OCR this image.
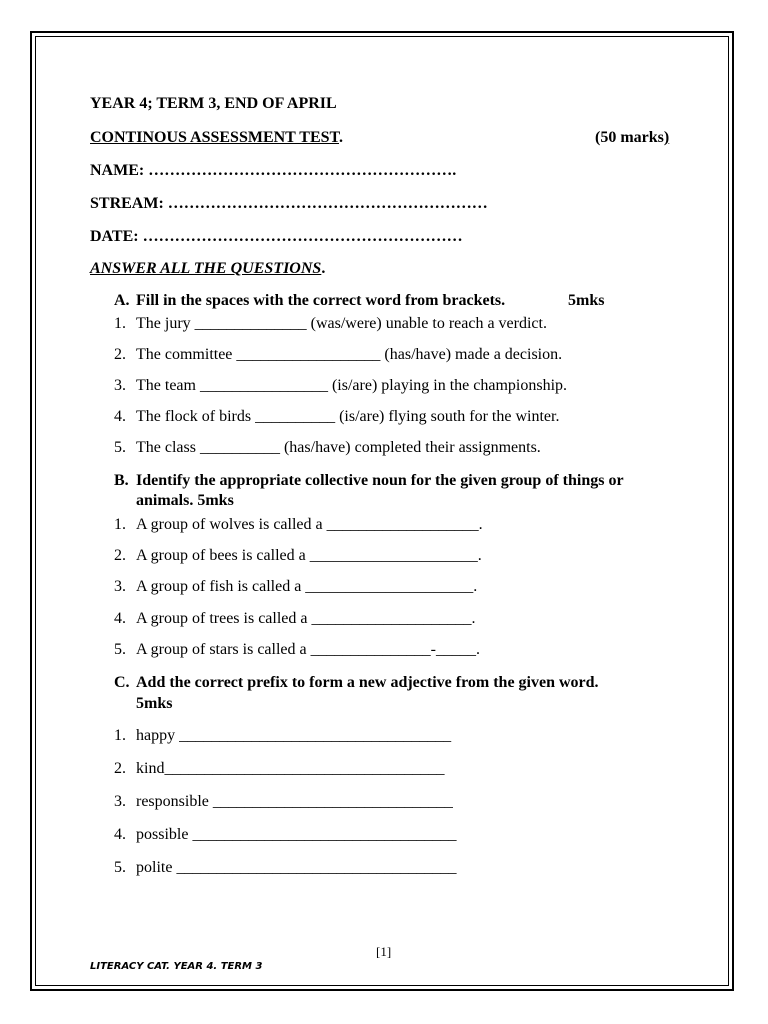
YEAR 4; TERM 3, END OF APRIL
CONTINOUS ASSESSMENT TEST.	(50 marks)
NAME: ………………………………………………….
STREAM: ……………………………………………………
DATE: ……………………………………………………
ANSWER ALL THE QUESTIONS.
A. Fill in the spaces with the correct word from brackets.	5mks
1. The jury ______________ (was/were) unable to reach a verdict.
2. The committee __________________ (has/have) made a decision.
3. The team ________________ (is/are) playing in the championship.
4. The flock of birds __________ (is/are) flying south for the winter.
5. The class __________ (has/have) completed their assignments.
B. Identify the appropriate collective noun for the given group of things or
animals. 5mks
1. A group of wolves is called a ___________________.
2. A group of bees is called a _____________________.
3. A group of fish is called a _____________________.
4. A group of trees is called a ____________________.
5. A group of stars is called a _______________-_____.
C. Add the correct prefix to form a new adjective from the given word.
5mks
1. happy __________________________________
2. kind___________________________________
3. responsible ______________________________
4. possible _________________________________
5. polite ___________________________________
[1]
LITERACY CAT. YEAR 4. TERM 3
